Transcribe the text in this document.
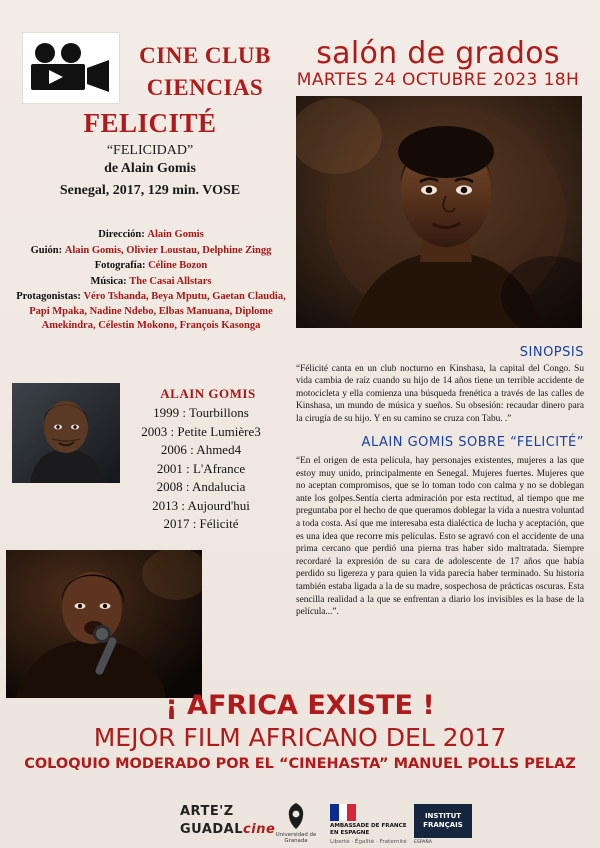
CINE CLUB
CIENCIAS
salón de grados
MARTES 24 OCTUBRE 2023 18H
FELICITÉ
“FELICIDAD”
de Alain Gomis
Senegal, 2017, 129 min. VOSE
Dirección: Alain Gomis
Guión: Alain Gomis, Olivier Loustau, Delphine Zingg
Fotografía: Céline Bozon
Música: The Casai Allstars
Protagonistas: Véro Tshanda, Beya Mputu, Gaetan Claudia, Papi Mpaka, Nadine Ndebo, Elbas Manuana, Diplome Amekindra, Célestin Mokono, François Kasonga
SINOPSIS
“Félicité canta en un club nocturno en Kinshasa, la capital del Congo. Su vida cambia de raíz cuando su hijo de 14 años tiene un terrible accidente de motocicleta y ella comienza una búsqueda frenética a través de las calles de Kinshasa, un mundo de música y sueños. Su obsesión: recaudar dinero para la cirugía de su hijo. Y en su camino se cruza con Tabu. .”
ALAIN GOMIS SOBRE “FELICITÉ”
“En el origen de esta película, hay personajes existentes, mujeres a las que estoy muy unido, principalmente en Senegal. Mujeres fuertes. Mujeres que no aceptan compromisos, que se lo toman todo con calma y no se doblegan ante los golpes.Sentía cierta admiración por esta rectitud, al tiempo que me preguntaba por el hecho de que queramos doblegar la vida a nuestra voluntad a toda costa. Así que me interesaba esta dialéctica de lucha y aceptación, que es una idea que recorre mis películas. Esto se agravó con el accidente de una prima cercano que perdió una pierna tras haber sido maltratada. Siempre recordaré la expresión de su cara de adolescente de 17 años que había perdido su ligereza y para quien la vida parecía haber terminado. Su historia también estaba ligada a la de su madre, sospechosa de prácticas oscuras. Esta sencilla realidad a la que se enfrentan a diario los invisibles es la base de la película...”.
ALAIN GOMIS
1999 : Tourbillons
2003 : Petite Lumière3
2006 : Ahmed4
2001 : L'Afrance
2008 : Andalucia
2013 : Aujourd'hui
2017 : Félicité
¡ AFRICA EXISTE !
MEJOR FILM AFRICANO DEL 2017
COLOQUIO MODERADO POR EL “CINEHASTA” MANUEL POLLS PELAZ
ARTE'Z
GUADALcine Universidad de Granada
AMBASSADE DE FRANCE EN ESPAGNE
Liberté · Égalité · Fraternité
INSTITUT FRANÇAIS
ESPAÑA
